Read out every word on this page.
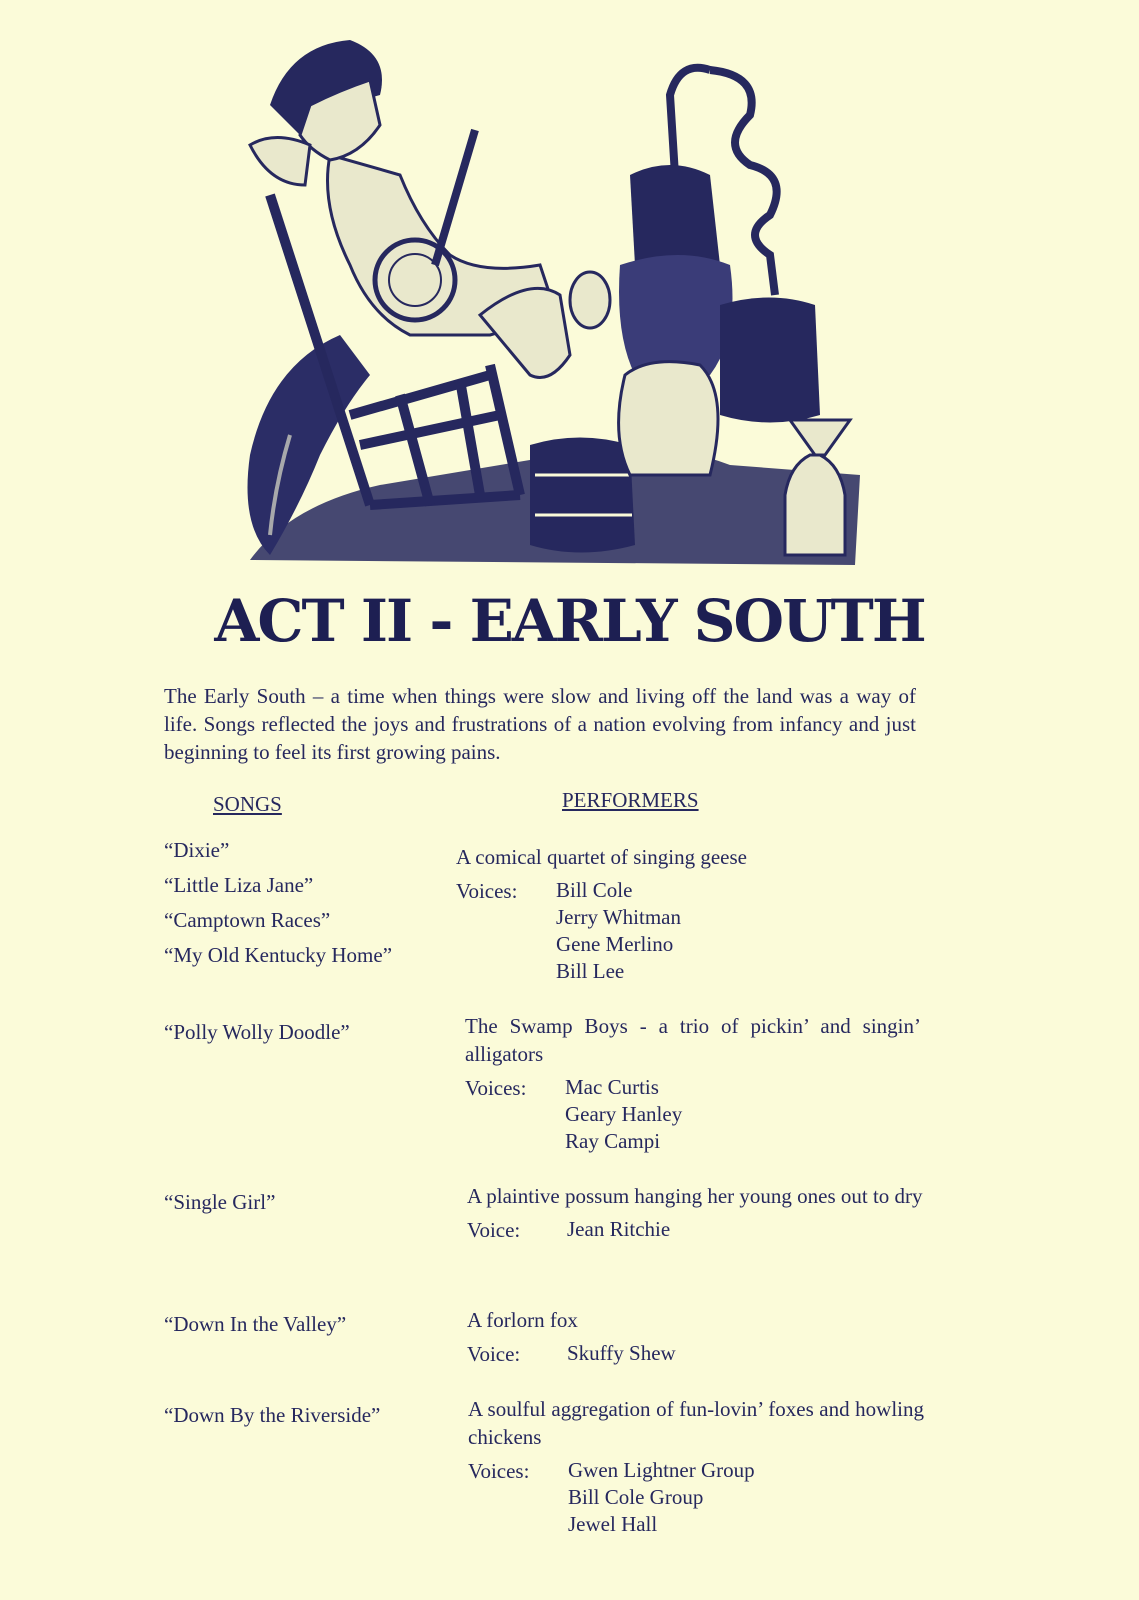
ACT II - EARLY SOUTH

The Early South – a time when things were slow and living off the land was a way of life. Songs reflected the joys and frustrations of a nation evolving from infancy and just beginning to feel its first growing pains.

SONGS	PERFORMERS
“Dixie”
“Little Liza Jane”
“Camptown Races”
“My Old Kentucky Home”
A comical quartet of singing geese
Voices:	Bill Cole
Jerry Whitman
Gene Merlino
Bill Lee
“Polly Wolly Doodle”	The Swamp Boys - a trio of pickin’ and singin’ alligators
Voices:	Mac Curtis
Geary Hanley
Ray Campi
“Single Girl”	A plaintive possum hanging her young ones out to dry
Voice:	Jean Ritchie
“Down In the Valley”	A forlorn fox
Voice:	Skuffy Shew
“Down By the Riverside”	A soulful aggregation of fun-lovin’ foxes and howling chickens
Voices:	Gwen Lightner Group
Bill Cole Group
Jewel Hall
